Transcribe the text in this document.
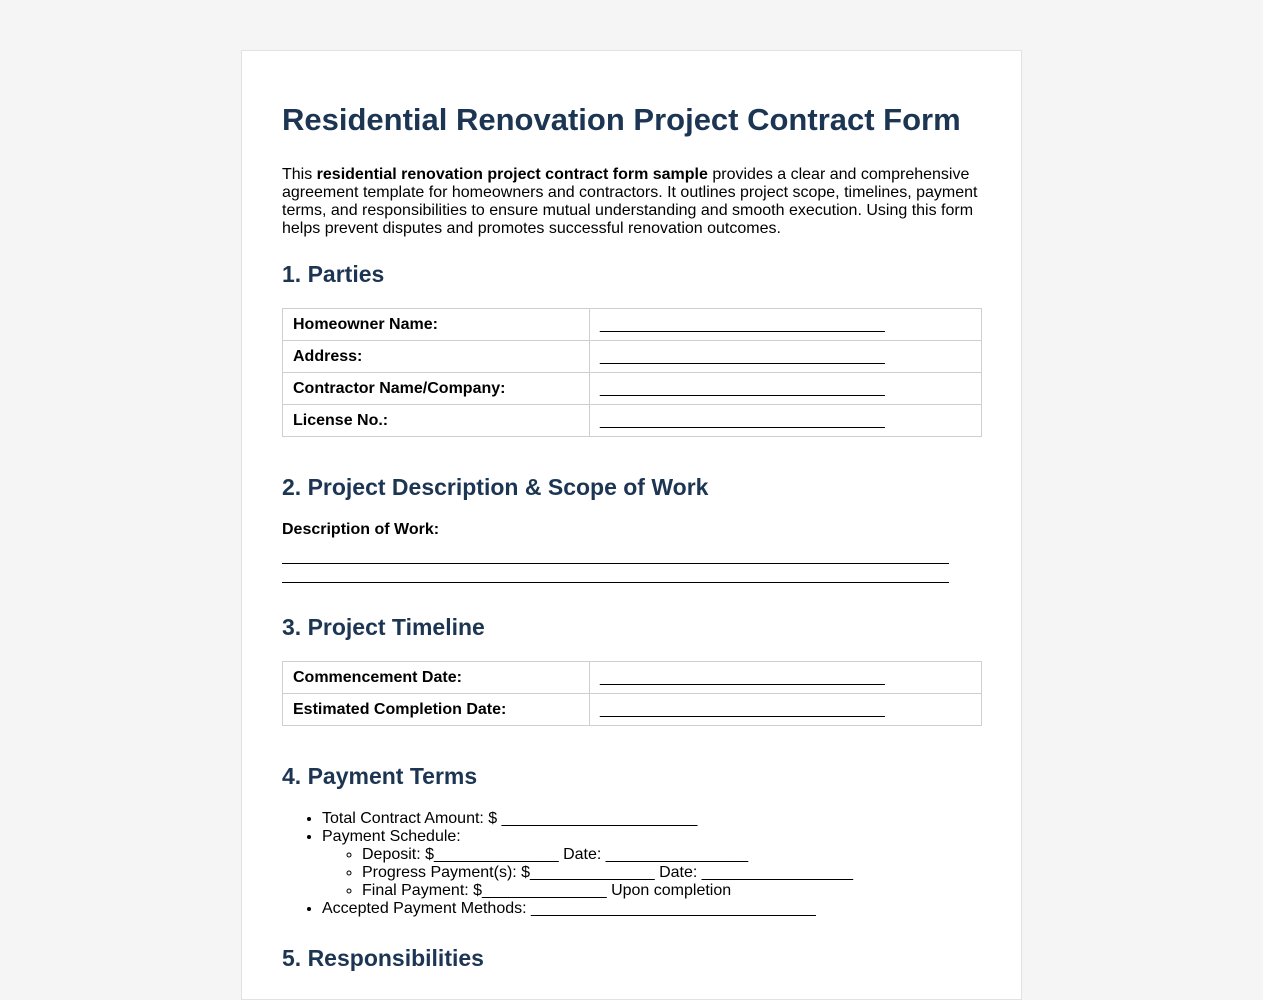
Residential Renovation Project Contract Form

This residential renovation project contract form sample provides a clear and comprehensive agreement template for homeowners and contractors. It outlines project scope, timelines, payment terms, and responsibilities to ensure mutual understanding and smooth execution. Using this form helps prevent disputes and promotes successful renovation outcomes.

1. Parties
Homeowner Name:	________________________________
Address:	________________________________
Contractor Name/Company:	________________________________
License No.:	________________________________
2. Project Description & Scope of Work
Description of Work:
3. Project Timeline
Commencement Date:	________________________________
Estimated Completion Date:	________________________________
4. Payment Terms
• Total Contract Amount: $ ______________________
• Payment Schedule:
◦ Deposit: $______________ Date: ________________
◦ Progress Payment(s): $______________ Date: _________________
◦ Final Payment: $______________ Upon completion
• Accepted Payment Methods: ________________________________
5. Responsibilities
